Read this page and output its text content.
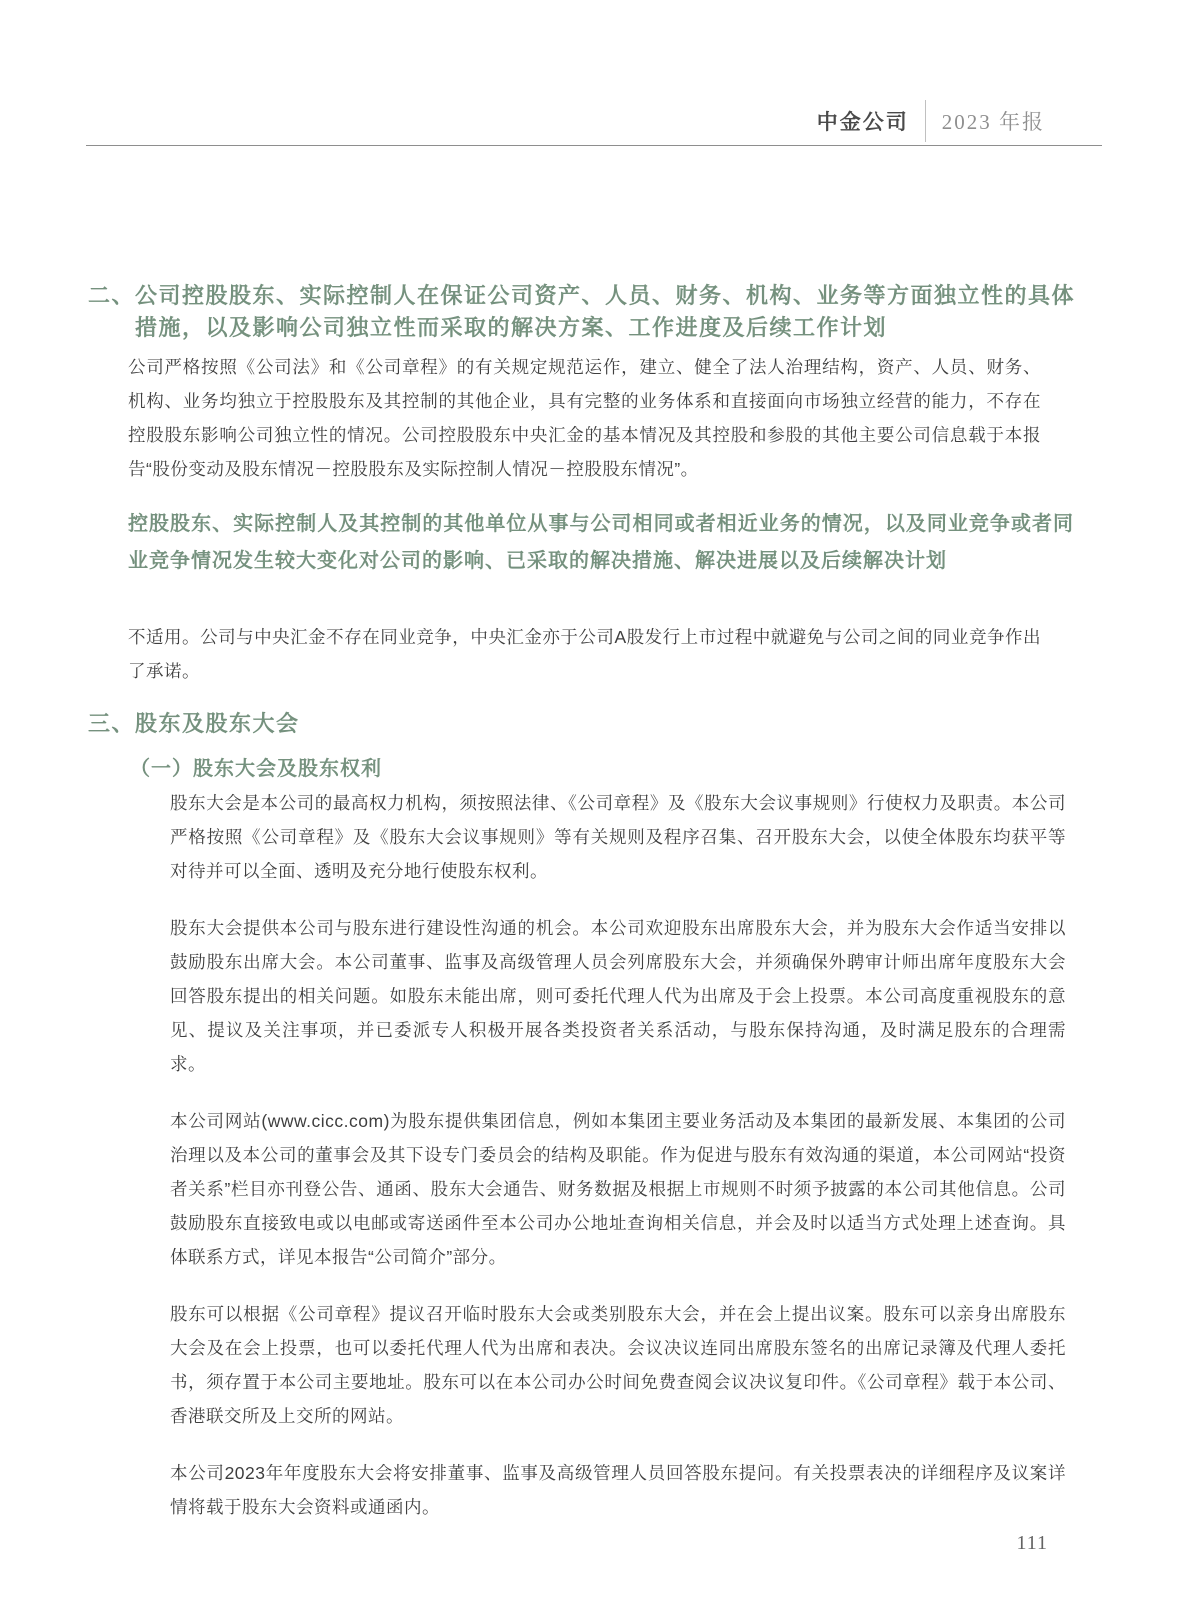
中金公司 2023 年报
二、 公司控股股东、实际控制人在保证公司资产、人员、财务、机构、业务等方面独立性的具体措施，以及影响公司独立性而采取的解决方案、工作进度及后续工作计划
公司严格按照《公司法》和《公司章程》的有关规定规范运作，建立、健全了法人治理结构，资产、人员、财务、机构、业务均独立于控股股东及其控制的其他企业，具有完整的业务体系和直接面向市场独立经营的能力，不存在控股股东影响公司独立性的情况。公司控股股东中央汇金的基本情况及其控股和参股的其他主要公司信息载于本报告“股份变动及股东情况－控股股东及实际控制人情况－控股股东情况”。
控股股东、实际控制人及其控制的其他单位从事与公司相同或者相近业务的情况，以及同业竞争或者同业竞争情况发生较大变化对公司的影响、已采取的解决措施、解决进展以及后续解决计划
不适用。公司与中央汇金不存在同业竞争，中央汇金亦于公司A股发行上市过程中就避免与公司之间的同业竞争作出了承诺。
三、 股东及股东大会
（一）股东大会及股东权利

股东大会是本公司的最高权力机构，须按照法律、《公司章程》及《股东大会议事规则》行使权力及职责。本公司严格按照《公司章程》及《股东大会议事规则》等有关规则及程序召集、召开股东大会，以使全体股东均获平等对待并可以全面、透明及充分地行使股东权利。

股东大会提供本公司与股东进行建设性沟通的机会。本公司欢迎股东出席股东大会，并为股东大会作适当安排以鼓励股东出席大会。本公司董事、监事及高级管理人员会列席股东大会，并须确保外聘审计师出席年度股东大会回答股东提出的相关问题。如股东未能出席，则可委托代理人代为出席及于会上投票。本公司高度重视股东的意见、提议及关注事项，并已委派专人积极开展各类投资者关系活动，与股东保持沟通，及时满足股东的合理需求。

本公司网站(www.cicc.com)为股东提供集团信息，例如本集团主要业务活动及本集团的最新发展、本集团的公司治理以及本公司的董事会及其下设专门委员会的结构及职能。作为促进与股东有效沟通的渠道，本公司网站“投资者关系”栏目亦刊登公告、通函、股东大会通告、财务数据及根据上市规则不时须予披露的本公司其他信息。公司鼓励股东直接致电或以电邮或寄送函件至本公司办公地址查询相关信息，并会及时以适当方式处理上述查询。具体联系方式，详见本报告“公司简介”部分。

股东可以根据《公司章程》提议召开临时股东大会或类别股东大会，并在会上提出议案。股东可以亲身出席股东大会及在会上投票，也可以委托代理人代为出席和表决。会议决议连同出席股东签名的出席记录簿及代理人委托书，须存置于本公司主要地址。股东可以在本公司办公时间免费查阅会议决议复印件。《公司章程》载于本公司、香港联交所及上交所的网站。

本公司2023年年度股东大会将安排董事、监事及高级管理人员回答股东提问。有关投票表决的详细程序及议案详情将载于股东大会资料或通函内。

111
